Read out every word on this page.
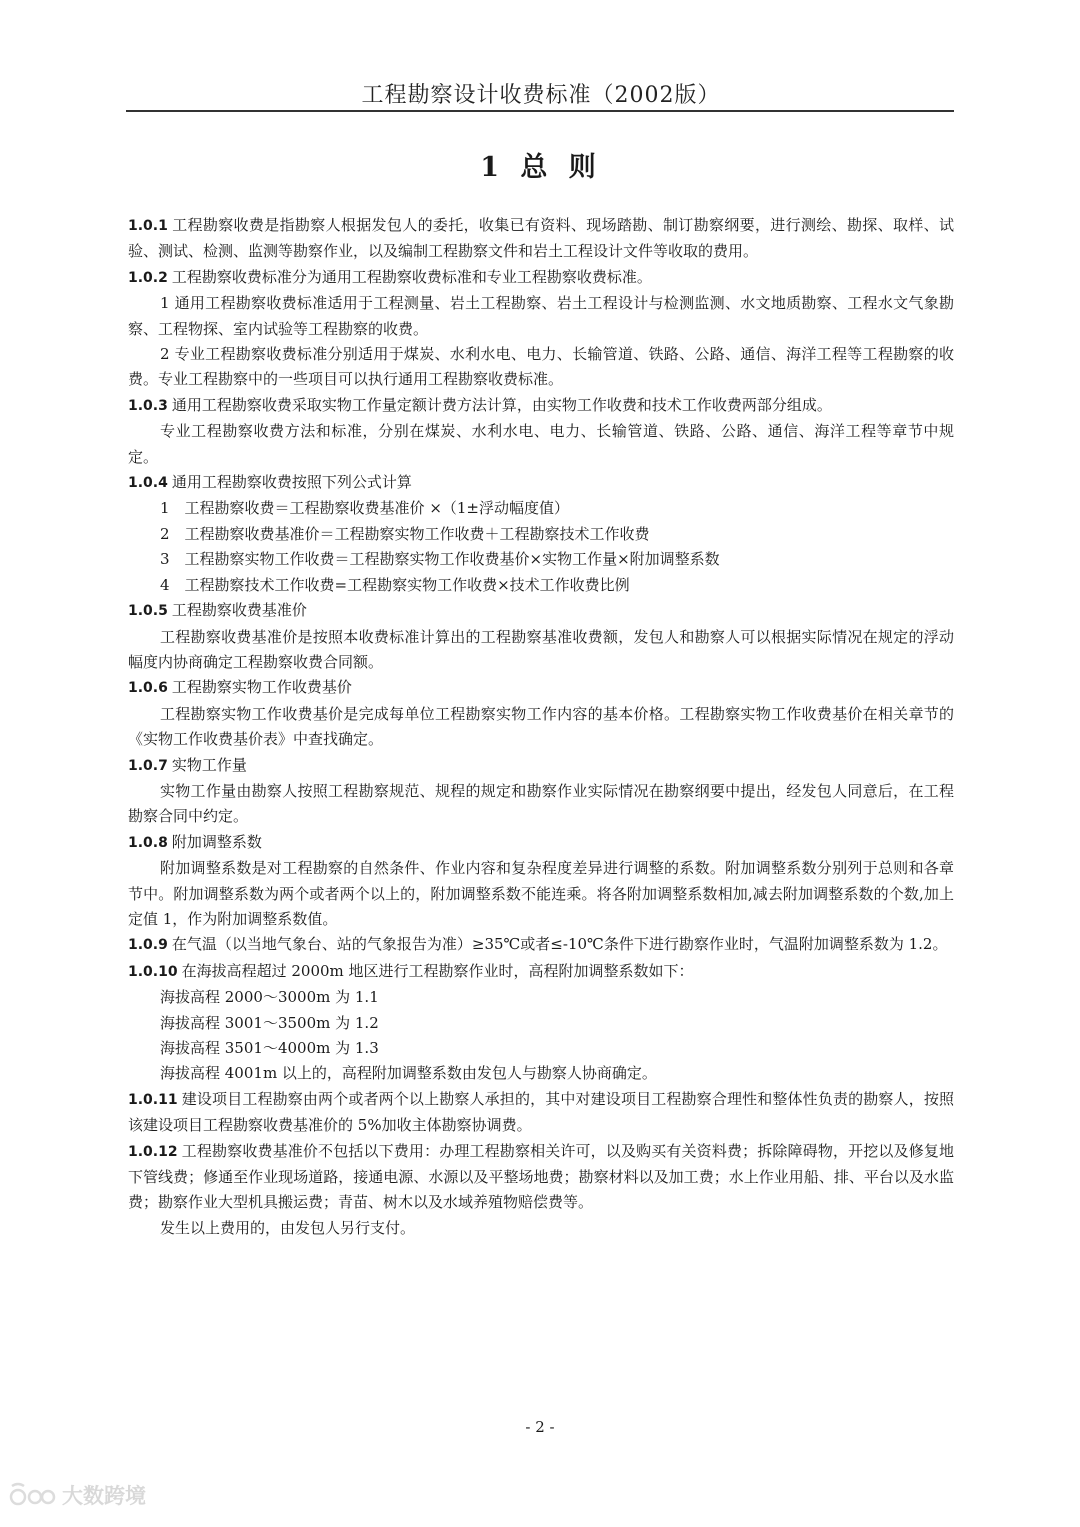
工程勘察设计收费标准（2002版）
1 总 则

1.0.1 工程勘察收费是指勘察人根据发包人的委托，收集已有资料、现场踏勘、制订勘察纲要，进行测绘、勘探、取样、试验、测试、检测、监测等勘察作业，以及编制工程勘察文件和岩土工程设计文件等收取的费用。

1.0.2 工程勘察收费标准分为通用工程勘察收费标准和专业工程勘察收费标准。

1 通用工程勘察收费标准适用于工程测量、岩土工程勘察、岩土工程设计与检测监测、水文地质勘察、工程水文气象勘察、工程物探、室内试验等工程勘察的收费。

2 专业工程勘察收费标准分别适用于煤炭、水利水电、电力、长输管道、铁路、公路、通信、海洋工程等工程勘察的收费。专业工程勘察中的一些项目可以执行通用工程勘察收费标准。

1.0.3 通用工程勘察收费采取实物工作量定额计费方法计算，由实物工作收费和技术工作收费两部分组成。

专业工程勘察收费方法和标准，分别在煤炭、水利水电、电力、长输管道、铁路、公路、通信、海洋工程等章节中规定。

1.0.4 通用工程勘察收费按照下列公式计算

1　工程勘察收费＝工程勘察收费基准价 ×（1±浮动幅度值）

2　工程勘察收费基准价＝工程勘察实物工作收费＋工程勘察技术工作收费

3　工程勘察实物工作收费＝工程勘察实物工作收费基价×实物工作量×附加调整系数

4　工程勘察技术工作收费=工程勘察实物工作收费×技术工作收费比例

1.0.5 工程勘察收费基准价

工程勘察收费基准价是按照本收费标准计算出的工程勘察基准收费额，发包人和勘察人可以根据实际情况在规定的浮动幅度内协商确定工程勘察收费合同额。

1.0.6 工程勘察实物工作收费基价

工程勘察实物工作收费基价是完成每单位工程勘察实物工作内容的基本价格。工程勘察实物工作收费基价在相关章节的《实物工作收费基价表》中查找确定。

1.0.7 实物工作量

实物工作量由勘察人按照工程勘察规范、规程的规定和勘察作业实际情况在勘察纲要中提出，经发包人同意后，在工程勘察合同中约定。

1.0.8 附加调整系数

附加调整系数是对工程勘察的自然条件、作业内容和复杂程度差异进行调整的系数。附加调整系数分别列于总则和各章节中。附加调整系数为两个或者两个以上的，附加调整系数不能连乘。将各附加调整系数相加,减去附加调整系数的个数,加上定值 1，作为附加调整系数值。

1.0.9 在气温（以当地气象台、站的气象报告为准）≥35℃或者≤-10℃条件下进行勘察作业时，气温附加调整系数为 1.2。

1.0.10 在海拔高程超过 2000m 地区进行工程勘察作业时，高程附加调整系数如下：

海拔高程 2000～3000m 为 1.1

海拔高程 3001～3500m 为 1.2

海拔高程 3501～4000m 为 1.3

海拔高程 4001m 以上的，高程附加调整系数由发包人与勘察人协商确定。

1.0.11 建设项目工程勘察由两个或者两个以上勘察人承担的，其中对建设项目工程勘察合理性和整体性负责的勘察人，按照该建设项目工程勘察收费基准价的 5%加收主体勘察协调费。

1.0.12 工程勘察收费基准价不包括以下费用：办理工程勘察相关许可，以及购买有关资料费；拆除障碍物，开挖以及修复地下管线费；修通至作业现场道路，接通电源、水源以及平整场地费；勘察材料以及加工费；水上作业用船、排、平台以及水监费；勘察作业大型机具搬运费；青苗、树木以及水域养殖物赔偿费等。

发生以上费用的，由发包人另行支付。

- 2 -
大数跨境
